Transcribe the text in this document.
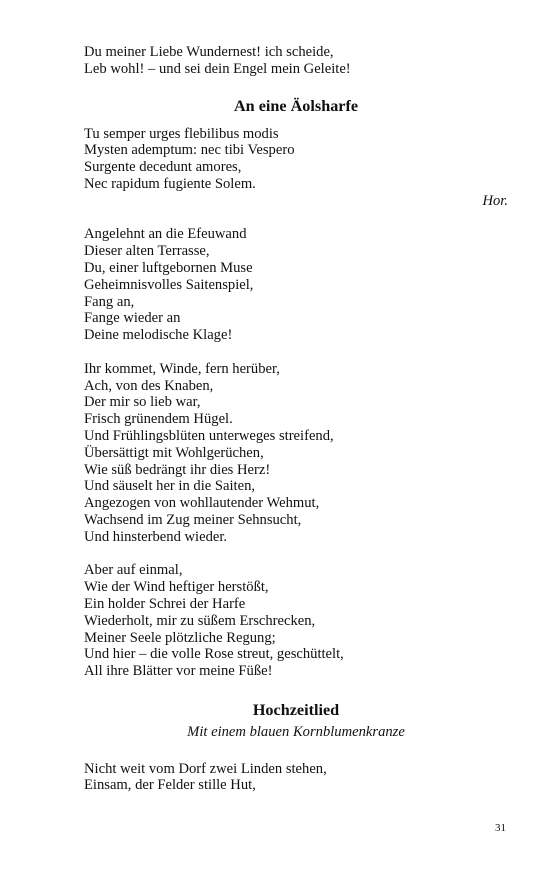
Du meiner Liebe Wundernest! ich scheide,
Leb wohl! – und sei dein Engel mein Geleite!
An eine Äolsharfe
Tu semper urges flebilibus modis
Mysten ademptum: nec tibi Vespero
Surgente decedunt amores,
Nec rapidum fugiente Solem.
Hor.
Angelehnt an die Efeuwand
Dieser alten Terrasse,
Du, einer luftgebornen Muse
Geheimnisvolles Saitenspiel,
Fang an,
Fange wieder an
Deine melodische Klage!
Ihr kommet, Winde, fern herüber,
Ach, von des Knaben,
Der mir so lieb war,
Frisch grünendem Hügel.
Und Frühlingsblüten unterweges streifend,
Übersättigt mit Wohlgerüchen,
Wie süß bedrängt ihr dies Herz!
Und säuselt her in die Saiten,
Angezogen von wohllautender Wehmut,
Wachsend im Zug meiner Sehnsucht,
Und hinsterbend wieder.
Aber auf einmal,
Wie der Wind heftiger herstößt,
Ein holder Schrei der Harfe
Wiederholt, mir zu süßem Erschrecken,
Meiner Seele plötzliche Regung;
Und hier – die volle Rose streut, geschüttelt,
All ihre Blätter vor meine Füße!
Hochzeitlied
Mit einem blauen Kornblumenkranze
Nicht weit vom Dorf zwei Linden stehen,
Einsam, der Felder stille Hut,
31
